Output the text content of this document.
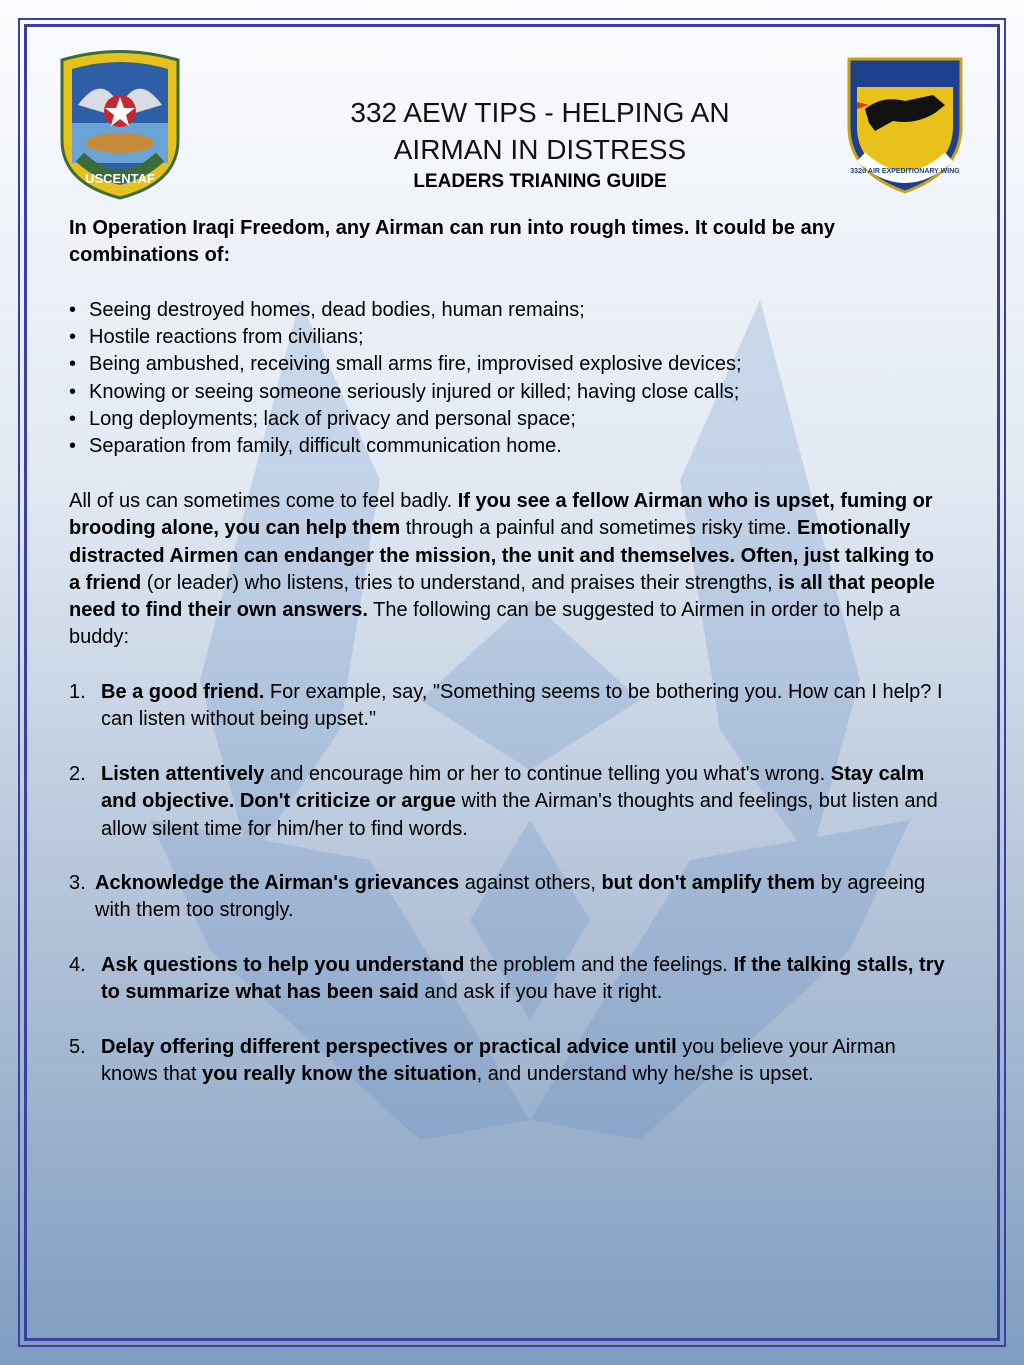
USCENTAF	332d AIR EXPEDITIONARY WING
332 AEW TIPS - HELPING AN
AIRMAN IN DISTRESS
LEADERS TRIANING GUIDE

In Operation Iraqi Freedom, any Airman can run into rough times. It could be any combinations of:

• Seeing destroyed homes, dead bodies, human remains;

• Hostile reactions from civilians;

• Being ambushed, receiving small arms fire, improvised explosive devices;

• Knowing or seeing someone seriously injured or killed; having close calls;

• Long deployments; lack of privacy and personal space;

• Separation from family, difficult communication home.

All of us can sometimes come to feel badly. If you see a fellow Airman who is upset, fuming or brooding alone, you can help them through a painful and sometimes risky time. Emotionally distracted Airmen can endanger the mission, the unit and themselves. Often, just talking to a friend (or leader) who listens, tries to understand, and praises their strengths, is all that people need to find their own answers. The following can be suggested to Airmen in order to help a buddy:

1. Be a good friend. For example, say, "Something seems to be bothering you. How can I help? I can listen without being upset."

2. Listen attentively and encourage him or her to continue telling you what's wrong. Stay calm and objective. Don't criticize or argue with the Airman's thoughts and feelings, but listen and allow silent time for him/her to find words.

3. Acknowledge the Airman's grievances against others, but don't amplify them by agreeing with them too strongly.

4. Ask questions to help you understand the problem and the feelings. If the talking stalls, try to summarize what has been said and ask if you have it right.

5. Delay offering different perspectives or practical advice until you believe your Airman knows that you really know the situation, and understand why he/she is upset.
